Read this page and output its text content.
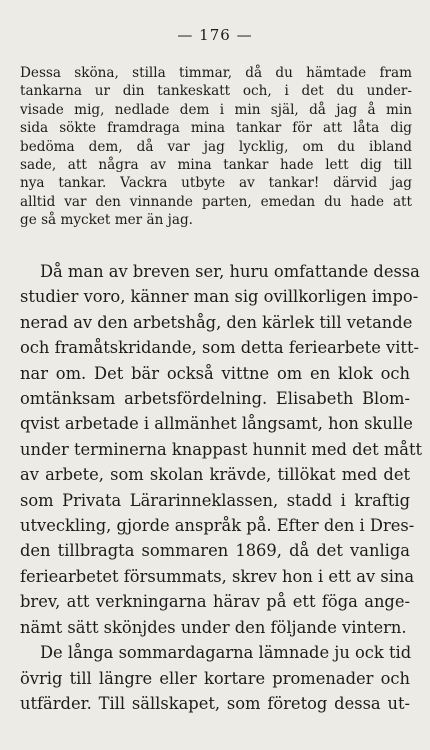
— 176 —
Dessa sköna, stilla timmar, då du hämtade fram
tankarna ur din tankeskatt och, i det du under-
visade mig, nedlade dem i min själ, då jag å min
sida sökte framdraga mina tankar för att låta dig
bedöma dem, då var jag lycklig, om du ibland
sade, att några av mina tankar hade lett dig till
nya tankar. Vackra utbyte av tankar! därvid jag
alltid var den vinnande parten, emedan du hade att
ge så mycket mer än jag.
Då man av breven ser, huru omfattande dessa
studier voro, känner man sig ovillkorligen impo-
nerad av den arbetshåg, den kärlek till vetande
och framåtskridande, som detta feriearbete vitt-
nar om. Det bär också vittne om en klok och
omtänksam arbetsfördelning. Elisabeth Blom-
qvist arbetade i allmänhet långsamt, hon skulle
under terminerna knappast hunnit med det mått
av arbete, som skolan krävde, tillökat med det
som Privata Lärarinneklassen, stadd i kraftig
utveckling, gjorde anspråk på. Efter den i Dres-
den tillbragta sommaren 1869, då det vanliga
feriearbetet försummats, skrev hon i ett av sina
brev, att verkningarna härav på ett föga ange-
nämt sätt skönjdes under den följande vintern.
De långa sommardagarna lämnade ju ock tid
övrig till längre eller kortare promenader och
utfärder. Till sällskapet, som företog dessa ut-
